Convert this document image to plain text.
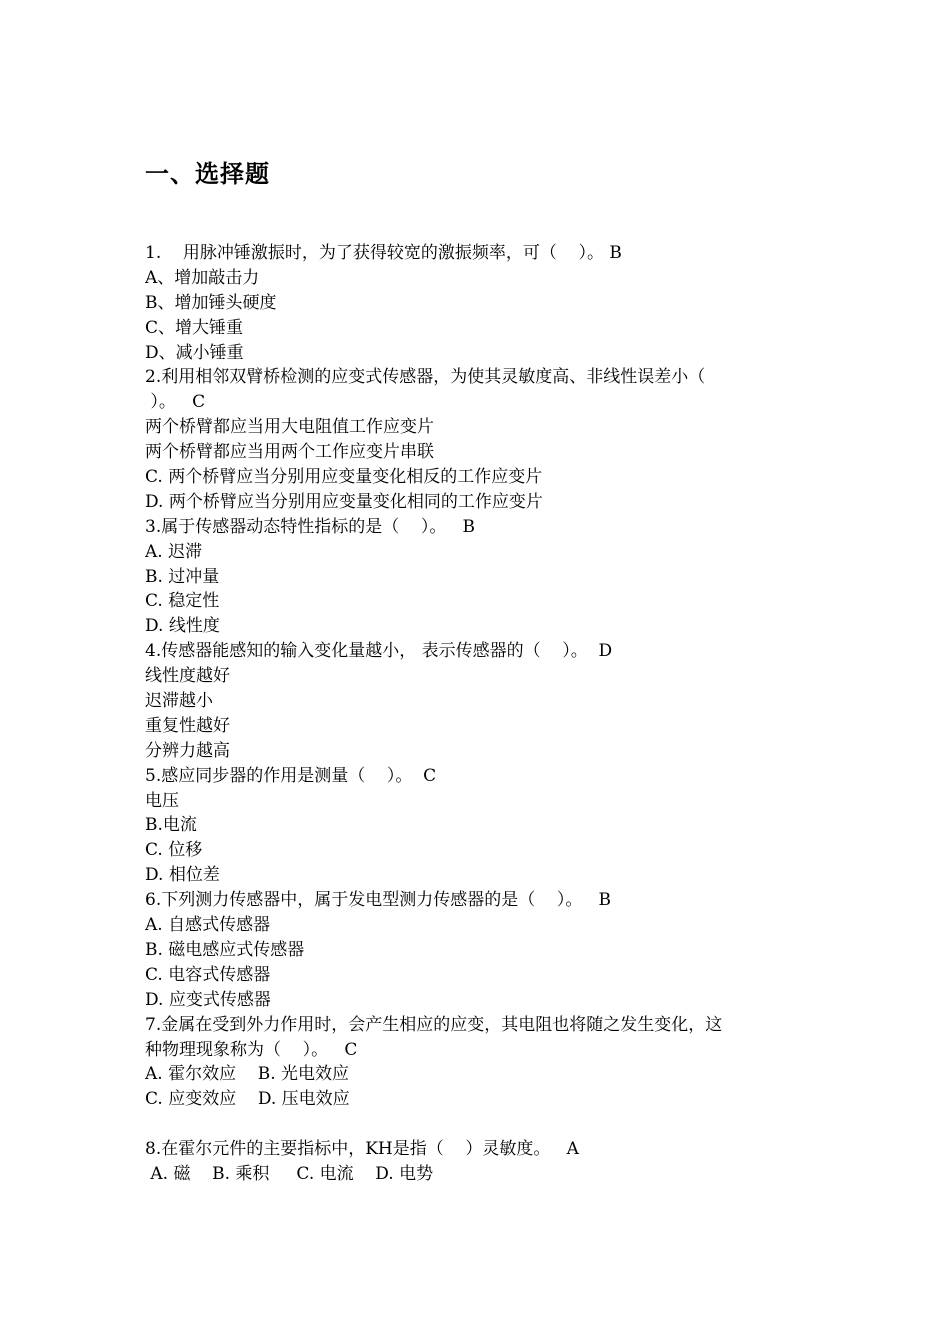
一、选择题
1.    用脉冲锤激振时，为了获得较宽的激振频率，可（    ）。 B
A、增加敲击力
B、增加锤头硬度
C、增大锤重
D、减小锤重
2.利用相邻双臂桥检测的应变式传感器，为使其灵敏度高、非线性误差小（
）。   C
两个桥臂都应当用大电阻值工作应变片
两个桥臂都应当用两个工作应变片串联
C. 两个桥臂应当分别用应变量变化相反的工作应变片
D. 两个桥臂应当分别用应变量变化相同的工作应变片
3.属于传感器动态特性指标的是（    ）。   B
A. 迟滞
B. 过冲量
C. 稳定性
D. 线性度
4.传感器能感知的输入变化量越小， 表示传感器的（    ）。  D
线性度越好
迟滞越小
重复性越好
分辨力越高
5.感应同步器的作用是测量（    ）。  C
电压
B.电流
C. 位移
D. 相位差
6.下列测力传感器中，属于发电型测力传感器的是（    ）。   B
A. 自感式传感器
B. 磁电感应式传感器
C. 电容式传感器
D. 应变式传感器
7.金属在受到外力作用时，会产生相应的应变，其电阻也将随之发生变化，这
种物理现象称为（    ）。   C
A. 霍尔效应    B. 光电效应
C. 应变效应    D. 压电效应
8.在霍尔元件的主要指标中，KH是指（    ）灵敏度。   A
A. 磁    B. 乘积     C. 电流    D. 电势
